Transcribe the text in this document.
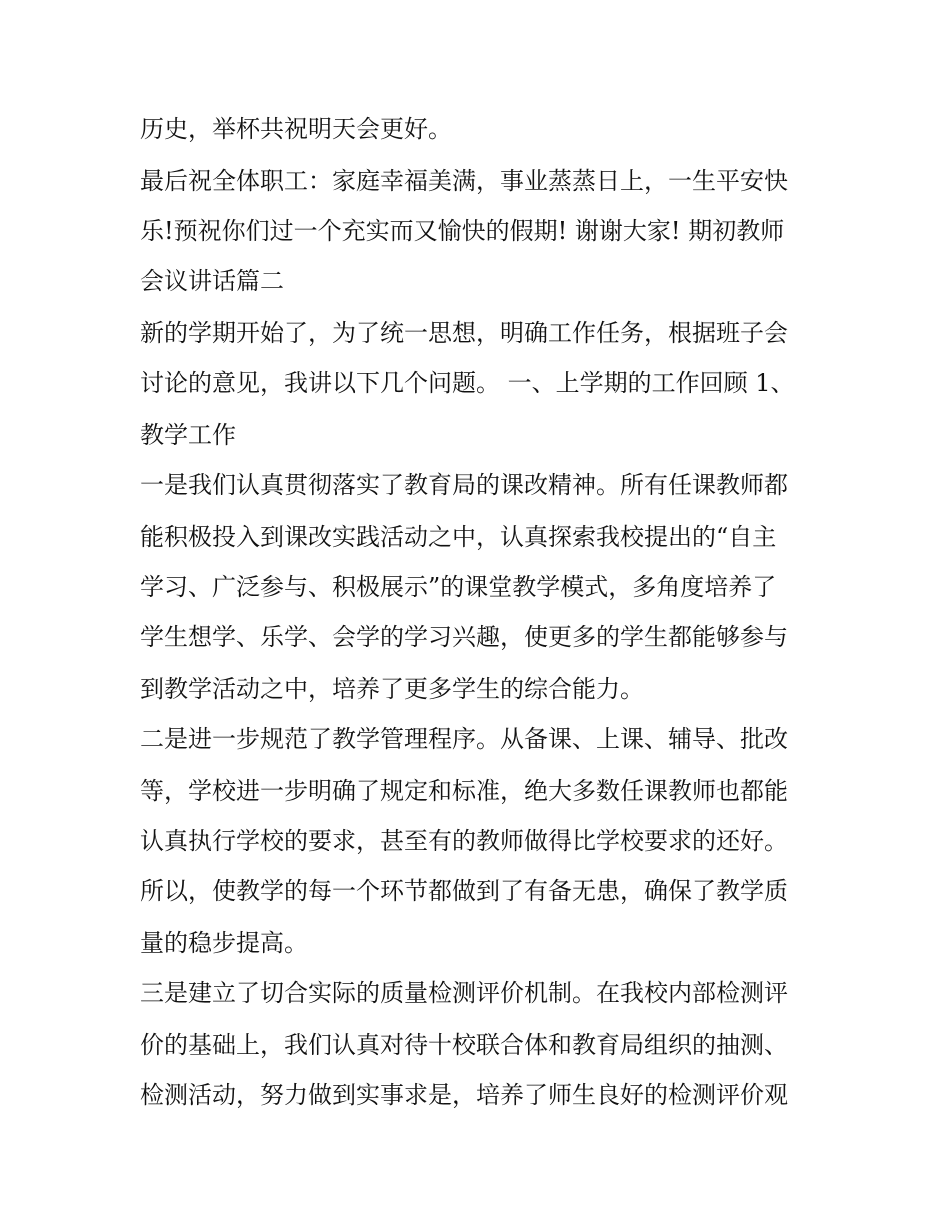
历史，举杯共祝明天会更好。

最后祝全体职工：家庭幸福美满，事业蒸蒸日上，一生平安快

乐!预祝你们过一个充实而又愉快的假期! 谢谢大家! 期初教师

会议讲话篇二

新的学期开始了，为了统一思想，明确工作任务，根据班子会

讨论的意见，我讲以下几个问题。 一、上学期的工作回顾 1、

教学工作

一是我们认真贯彻落实了教育局的课改精神。所有任课教师都

能积极投入到课改实践活动之中，认真探索我校提出的“自主

学习、广泛参与、积极展示”的课堂教学模式，多角度培养了

学生想学、乐学、会学的学习兴趣，使更多的学生都能够参与

到教学活动之中，培养了更多学生的综合能力。

二是进一步规范了教学管理程序。从备课、上课、辅导、批改

等，学校进一步明确了规定和标准，绝大多数任课教师也都能

认真执行学校的要求，甚至有的教师做得比学校要求的还好。

所以，使教学的每一个环节都做到了有备无患，确保了教学质

量的稳步提高。

三是建立了切合实际的质量检测评价机制。在我校内部检测评

价的基础上，我们认真对待十校联合体和教育局组织的抽测、

检测活动，努力做到实事求是，培养了师生良好的检测评价观
